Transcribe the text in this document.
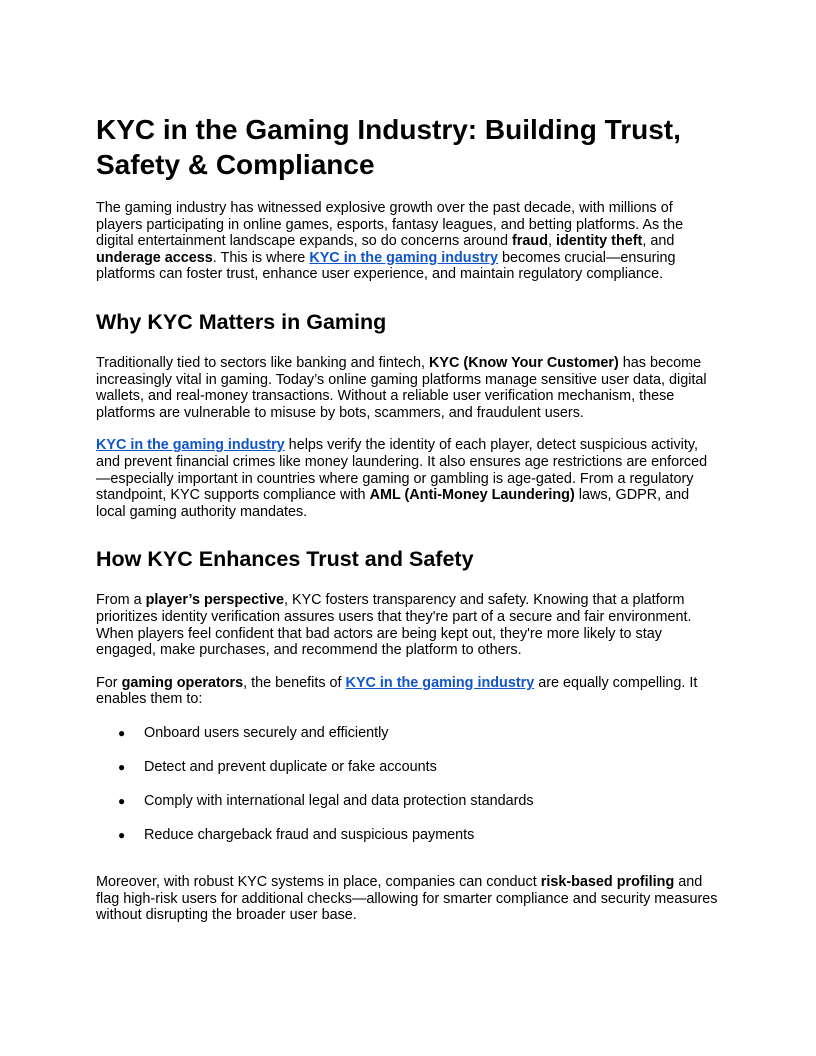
KYC in the Gaming Industry: Building Trust, Safety & Compliance

The gaming industry has witnessed explosive growth over the past decade, with millions of players participating in online games, esports, fantasy leagues, and betting platforms. As the digital entertainment landscape expands, so do concerns around fraud, identity theft, and underage access. This is where KYC in the gaming industry becomes crucial—ensuring platforms can foster trust, enhance user experience, and maintain regulatory compliance.

Why KYC Matters in Gaming

Traditionally tied to sectors like banking and fintech, KYC (Know Your Customer) has become increasingly vital in gaming. Today’s online gaming platforms manage sensitive user data, digital wallets, and real-money transactions. Without a reliable user verification mechanism, these platforms are vulnerable to misuse by bots, scammers, and fraudulent users.

KYC in the gaming industry helps verify the identity of each player, detect suspicious activity, and prevent financial crimes like money laundering. It also ensures age restrictions are enforced—especially important in countries where gaming or gambling is age-gated. From a regulatory standpoint, KYC supports compliance with AML (Anti-Money Laundering) laws, GDPR, and local gaming authority mandates.

How KYC Enhances Trust and Safety

From a player’s perspective, KYC fosters transparency and safety. Knowing that a platform prioritizes identity verification assures users that they're part of a secure and fair environment. When players feel confident that bad actors are being kept out, they're more likely to stay engaged, make purchases, and recommend the platform to others.

For gaming operators, the benefits of KYC in the gaming industry are equally compelling. It enables them to:

● Onboard users securely and efficiently
● Detect and prevent duplicate or fake accounts
● Comply with international legal and data protection standards
● Reduce chargeback fraud and suspicious payments

Moreover, with robust KYC systems in place, companies can conduct risk-based profiling and flag high-risk users for additional checks—allowing for smarter compliance and security measures without disrupting the broader user base.
